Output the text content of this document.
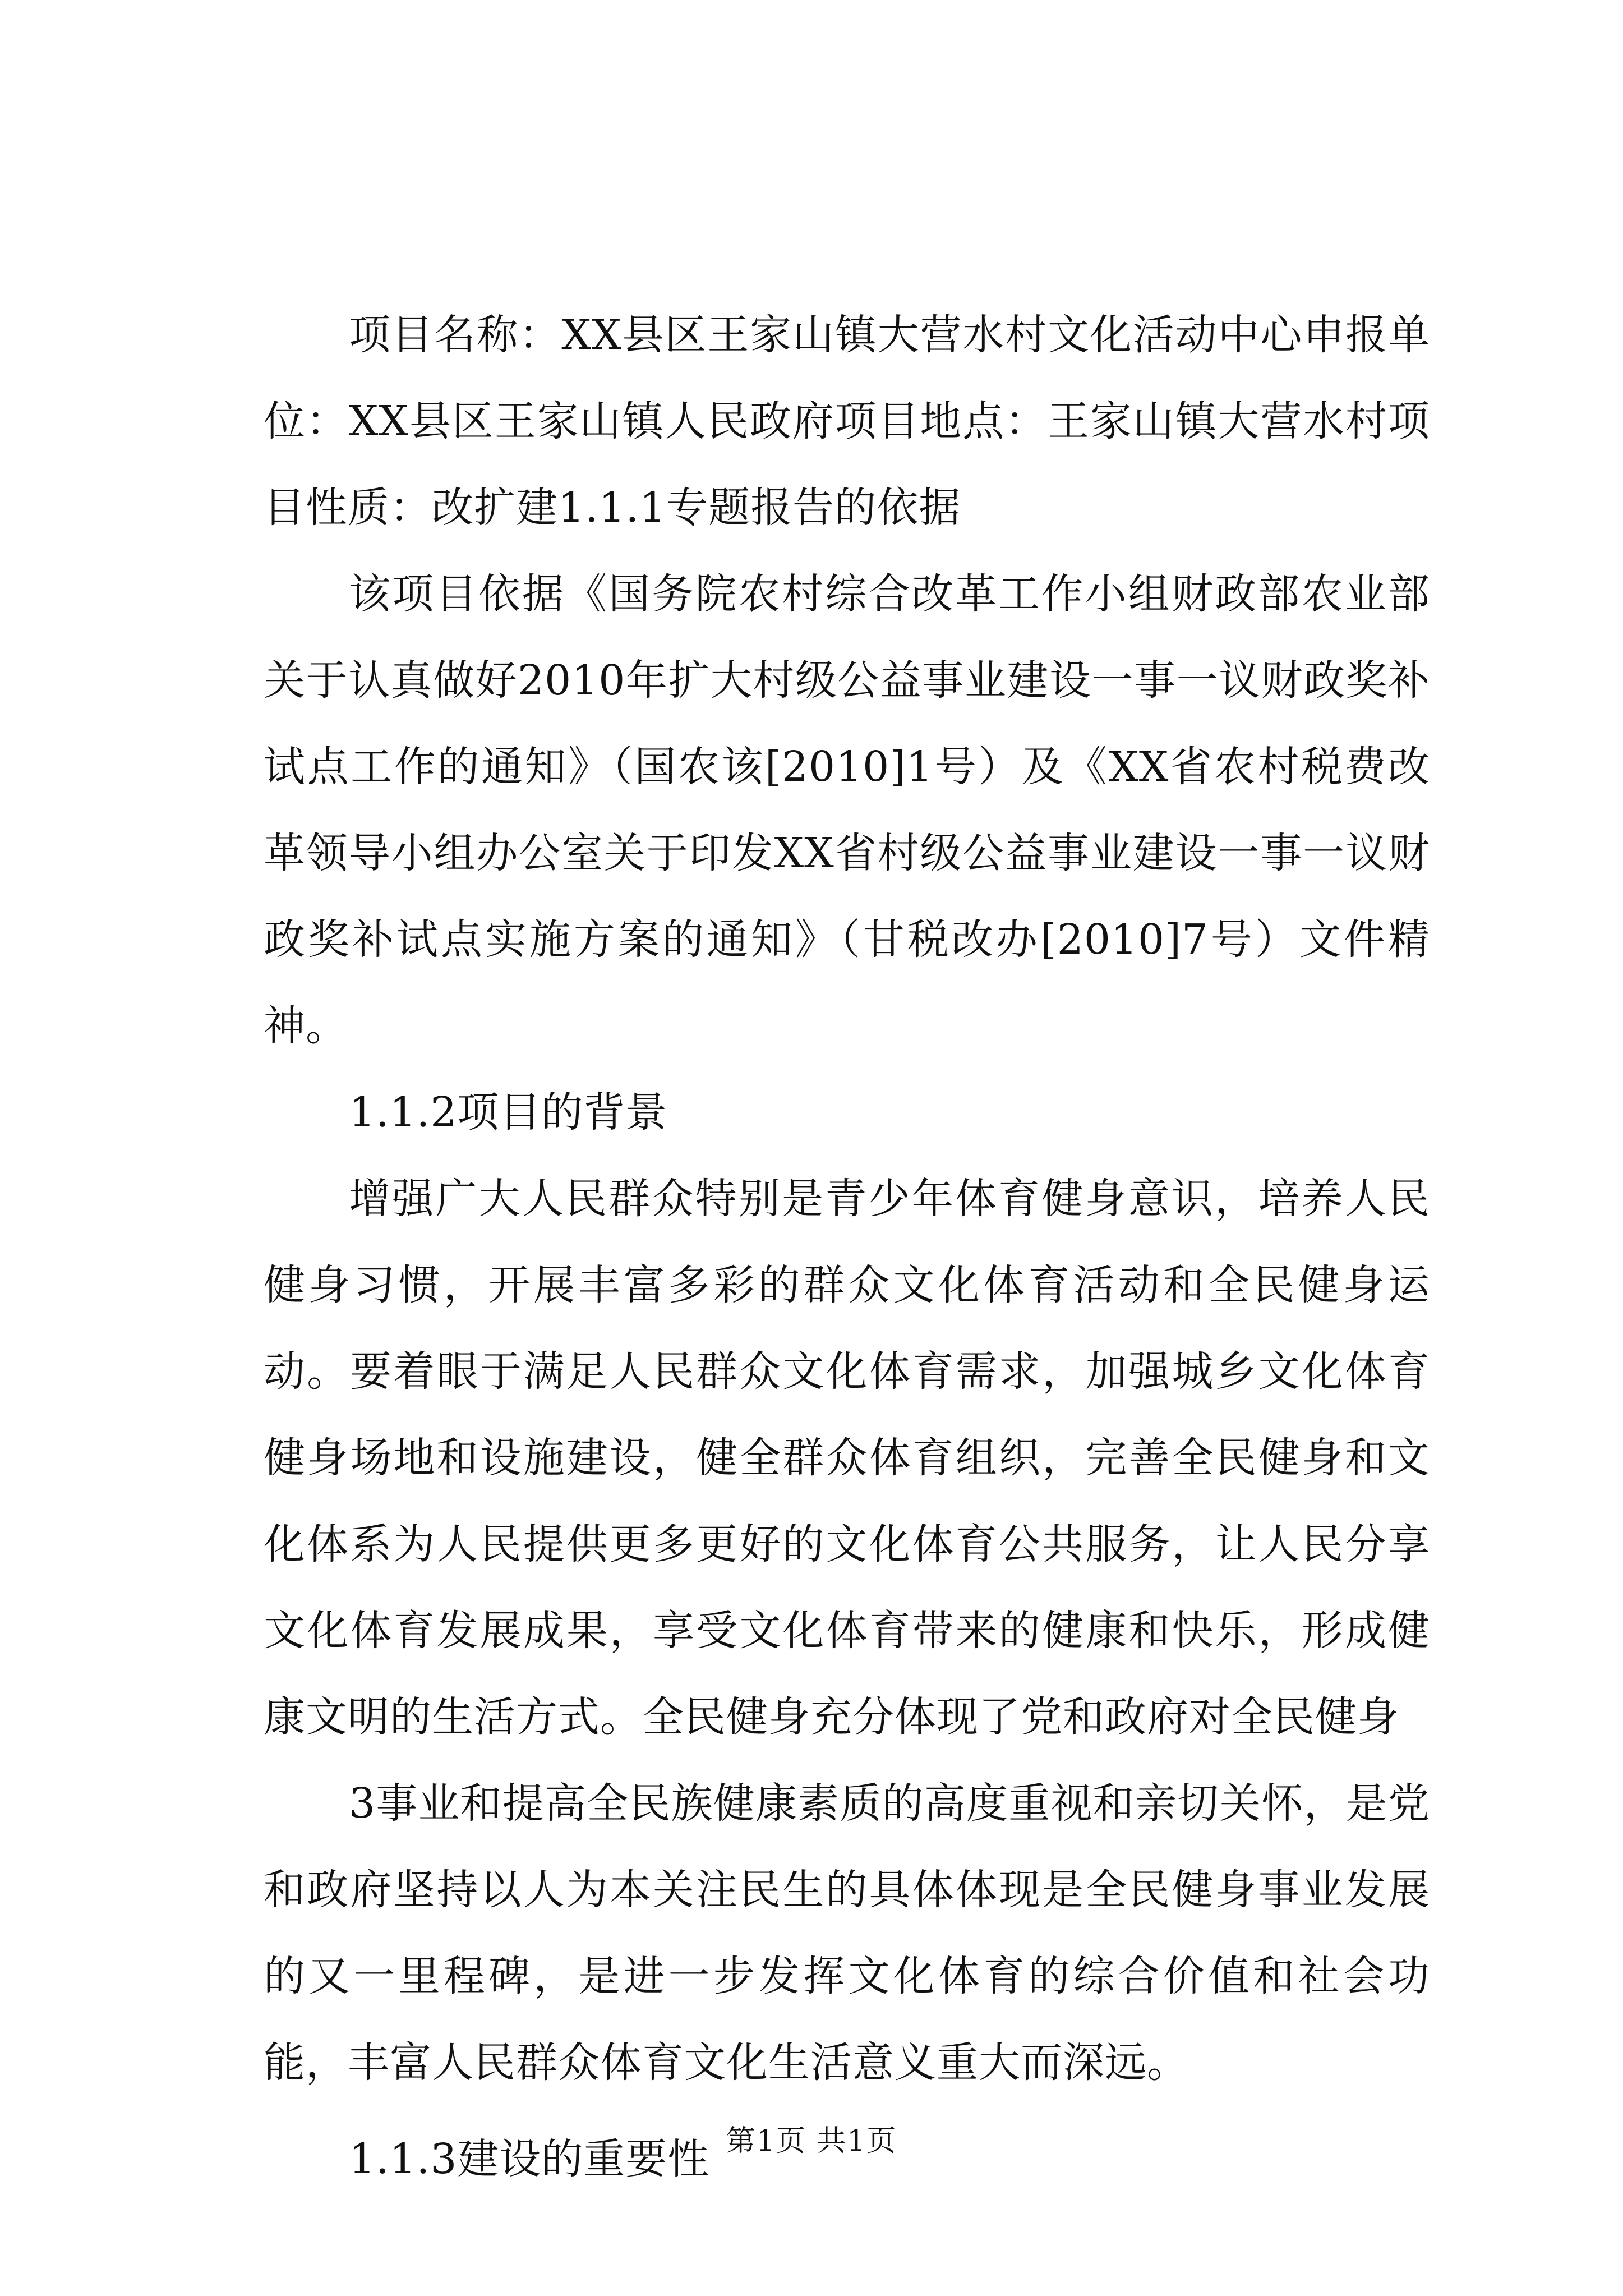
项目名称：XX县区王家山镇大营水村文化活动中心申报单位：XX县区王家山镇人民政府项目地点：王家山镇大营水村项目性质：改扩建1.1.1专题报告的依据

该项目依据《国务院农村综合改革工作小组财政部农业部关于认真做好2010年扩大村级公益事业建设一事一议财政奖补试点工作的通知》（国农该[2010]1号）及《XX省农村税费改革领导小组办公室关于印发XX省村级公益事业建设一事一议财政奖补试点实施方案的通知》（甘税改办[2010]7号）文件精神。

1.1.2项目的背景

增强广大人民群众特别是青少年体育健身意识，培养人民健身习惯，开展丰富多彩的群众文化体育活动和全民健身运动。要着眼于满足人民群众文化体育需求，加强城乡文化体育健身场地和设施建设，健全群众体育组织，完善全民健身和文化体系为人民提供更多更好的文化体育公共服务，让人民分享文化体育发展成果，享受文化体育带来的健康和快乐，形成健康文明的生活方式。全民健身充分体现了党和政府对全民健身

3事业和提高全民族健康素质的高度重视和亲切关怀，是党和政府坚持以人为本关注民生的具体体现是全民健身事业发展的又一里程碑，是进一步发挥文化体育的综合价值和社会功能，丰富人民群众体育文化生活意义重大而深远。

1.1.3建设的重要性 第1页 共1页
